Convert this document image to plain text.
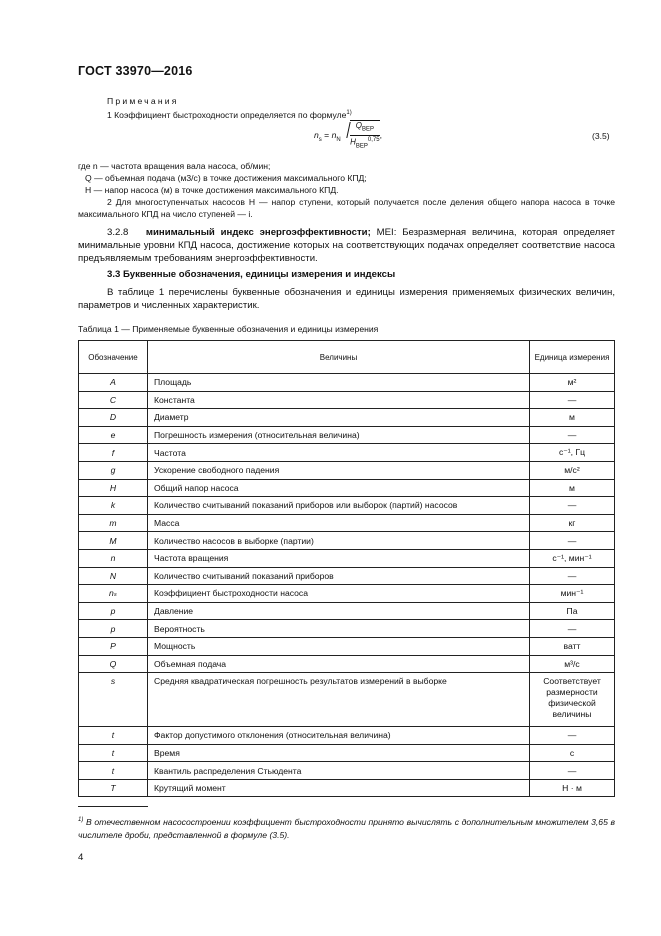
ГОСТ 33970—2016
Примечания
1 Коэффициент быстроходности определяется по формуле$^{1)}$
$n_s = n_N \frac{Q_{BEP}}{H_{BEP}^{0,75}}$ ,	(3.5)
где n — частота вращения вала насоса, об/мин;
Q — объемная подача (м3/с) в точке достижения максимального КПД;
H — напор насоса (м) в точке достижения максимального КПД.
2 Для многоступенчатых насосов H — напор ступени, который получается после деления общего напора насоса в точке максимального КПД на число ступеней — i.
3.2.8 минимальный индекс энергоэффективности; MEI: Безразмерная величина, которая определяет минимальные уровни КПД насоса, достижение которых на соответствующих подачах определяет соответствие насоса предъявляемым требованиям энергоэффективности.
3.3 Буквенные обозначения, единицы измерения и индексы
В таблице 1 перечислены буквенные обозначения и единицы измерения применяемых физических величин, параметров и численных характеристик.
Таблица 1 — Применяемые буквенные обозначения и единицы измерения
Обозначение	Величины	Единица измерения
A	Площадь	м²
C	Константа	—
D	Диаметр	м
e	Погрешность измерения (относительная величина)	—
f	Частота	с⁻¹, Гц
g	Ускорение свободного падения	м/с²
H	Общий напор насоса	м
k	Количество считываний показаний приборов или выборок (партий) насосов	—
m	Масса	кг
M	Количество насосов в выборке (партии)	—
n	Частота вращения	с⁻¹, мин⁻¹
N	Количество считываний показаний приборов	—
nₛ	Коэффициент быстроходности насоса	мин⁻¹
p	Давление	Па
p	Вероятность	—
P	Мощность	ватт
Q	Объемная подача	м³/с
s	Средняя квадратическая погрешность результатов измерений в выборке	Соответствует размерности физической величины
t	Фактор допустимого отклонения (относительная величина)	—
t	Время	с
t	Квантиль распределения Стьюдента	—
T	Крутящий момент	Н · м
$^{1)}$ В отечественном насосостроении коэффициент быстроходности принято вычислять с дополнительным множителем 3,65 в числителе дроби, представленной в формуле (3.5).
4
